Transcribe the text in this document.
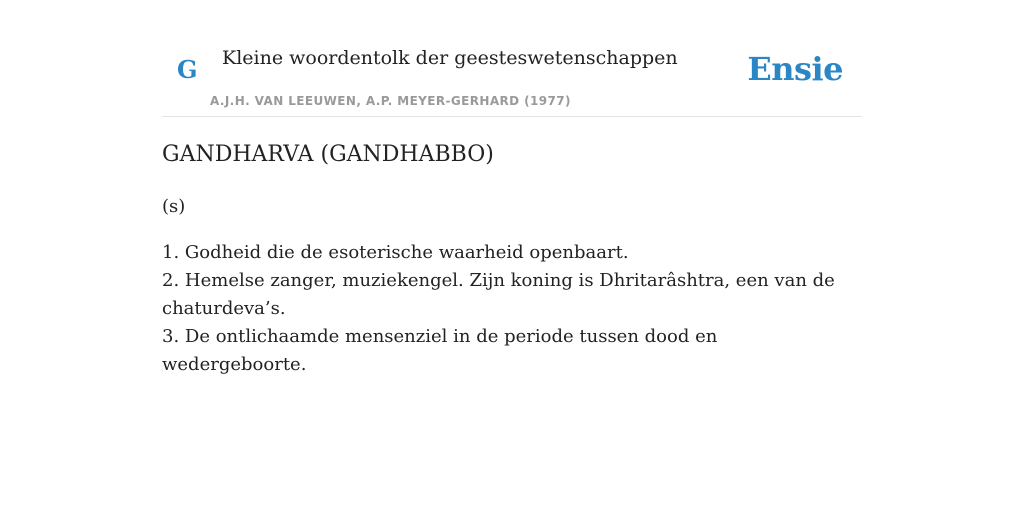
G Kleine woordentolk der geesteswetenschappen
A.J.H. VAN LEEUWEN, A.P. MEYER-GERHARD (1977)
Ensie
GANDHARVA (GANDHABBO)
(s)

1. Godheid die de esoterische waarheid openbaart.

2. Hemelse zanger, muziekengel. Zijn koning is Dhritarâshtra, een van de chaturdeva’s.

3. De ontlichaamde mensenziel in de periode tussen dood en wedergeboorte.
